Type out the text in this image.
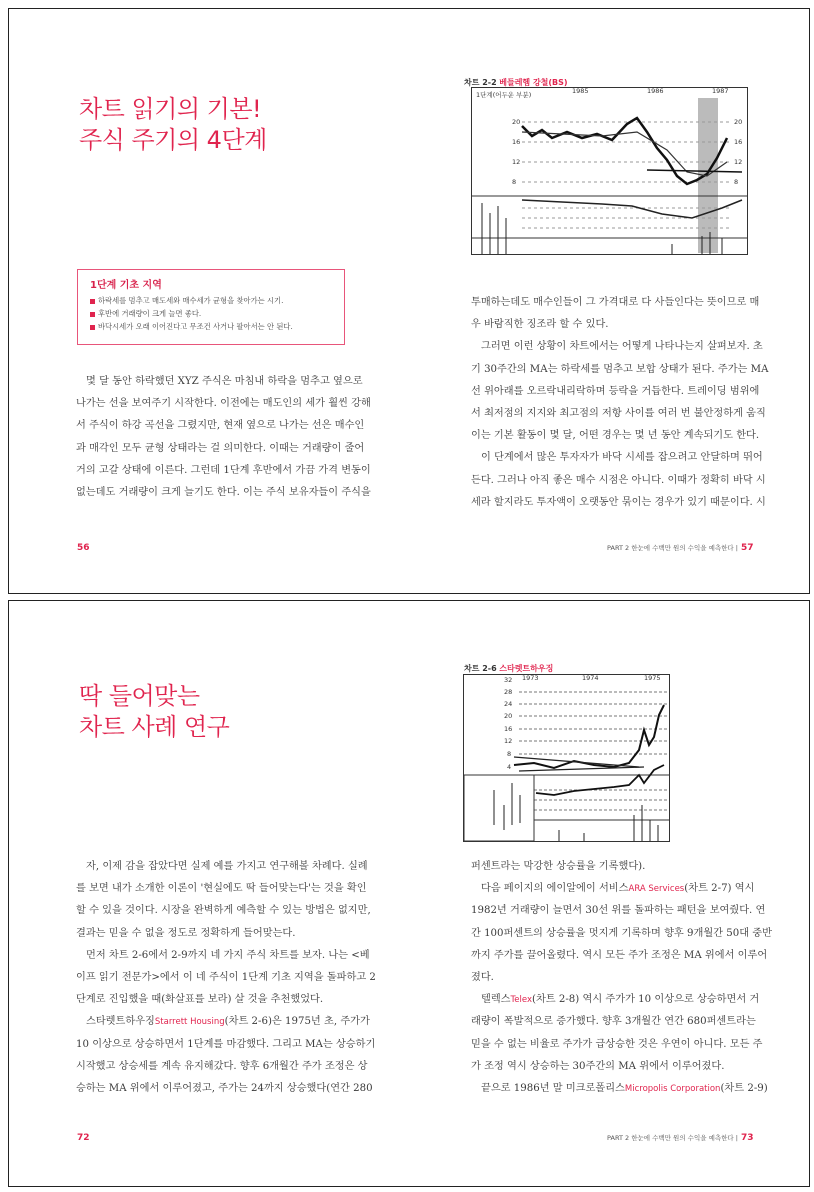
차트 읽기의 기본!
주식 주기의 4단계
1단계 기초 지역

하락세를 멈추고 매도세와 매수세가 균형을 찾아가는 시기.

후반에 거래량이 크게 늘면 좋다.

바닥시세가 오래 이어진다고 무조건 사거나 팔아서는 안 된다.

몇 달 동안 하락했던 XYZ 주식은 마침내 하락을 멈추고 옆으로
나가는 선을 보여주기 시작한다. 이전에는 매도인의 세가 훨씬 강해
서 주식이 하강 곡선을 그렸지만, 현재 옆으로 나가는 선은 매수인
과 매각인 모두 균형 상태라는 걸 의미한다. 이때는 거래량이 줄어
거의 고갈 상태에 이른다. 그런데 1단계 후반에서 가끔 가격 변동이
없는데도 거래량이 크게 늘기도 한다. 이는 주식 보유자들이 주식을
56
차트 2-2 베들레헴 강철(BS)
1단계(어두운 부분)	1985	1986	1987
20
16
12
8
20
16
12
8
투매하는데도 매수인들이 그 가격대로 다 사들인다는 뜻이므로 매
우 바람직한 징조라 할 수 있다.
그러면 이런 상황이 차트에서는 어떻게 나타나는지 살펴보자. 초
기 30주간의 MA는 하락세를 멈추고 보합 상태가 된다. 주가는 MA
선 위아래를 오르락내리락하며 등락을 거듭한다. 트레이딩 범위에
서 최저점의 지지와 최고점의 저항 사이를 여러 번 불안정하게 움직
이는 기본 활동이 몇 달, 어떤 경우는 몇 년 동안 계속되기도 한다.
이 단계에서 많은 투자자가 바닥 시세를 잡으려고 안달하며 뛰어
든다. 그러나 아직 좋은 매수 시점은 아니다. 이때가 정확히 바닥 시
세라 할지라도 투자액이 오랫동안 묶이는 경우가 있기 때문이다. 시
PART 2 한눈에 수백만 원의 수익을 예측한다 | 57
딱 들어맞는
차트 사례 연구
자, 이제 감을 잡았다면 실제 예를 가지고 연구해볼 차례다. 실례
를 보면 내가 소개한 이론이 '현실에도 딱 들어맞는다'는 것을 확인
할 수 있을 것이다. 시장을 완벽하게 예측할 수 있는 방법은 없지만,
결과는 믿을 수 없을 정도로 정확하게 들어맞는다.
먼저 차트 2-6에서 2-9까지 네 가지 주식 차트를 보자. 나는 <베
이프 읽기 전문가>에서 이 네 주식이 1단계 기초 지역을 돌파하고 2
단계로 진입했을 때(화살표를 보라) 살 것을 추천했었다.
스타렛트하우징Starrett Housing(차트 2-6)은 1975년 초, 주가가
10 이상으로 상승하면서 1단계를 마감했다. 그리고 MA는 상승하기
시작했고 상승세를 계속 유지해갔다. 향후 6개월간 주가 조정은 상
승하는 MA 위에서 이루어졌고, 주가는 24까지 상승했다(연간 280
72
차트 2-6 스타렛트하우징
1973	1974	1975
32
28
24
20
16
12
8
4
퍼센트라는 막강한 상승률을 기록했다).
다음 페이지의 에이알에이 서비스ARA Services(차트 2-7) 역시
1982년 거래량이 늘면서 30선 위를 돌파하는 패턴을 보여줬다. 연
간 100퍼센트의 상승률을 멋지게 기록하며 향후 9개월간 50대 중반
까지 주가를 끌어올렸다. 역시 모든 주가 조정은 MA 위에서 이루어
졌다.
텔렉스Telex(차트 2-8) 역시 주가가 10 이상으로 상승하면서 거
래량이 폭발적으로 증가했다. 향후 3개월간 연간 680퍼센트라는
믿을 수 없는 비율로 주가가 급상승한 것은 우연이 아니다. 모든 주
가 조정 역시 상승하는 30주간의 MA 위에서 이루어졌다.
끝으로 1986년 말 미크로폴리스Micropolis Corporation(차트 2-9)
PART 2 한눈에 수백만 원의 수익을 예측한다 | 73
